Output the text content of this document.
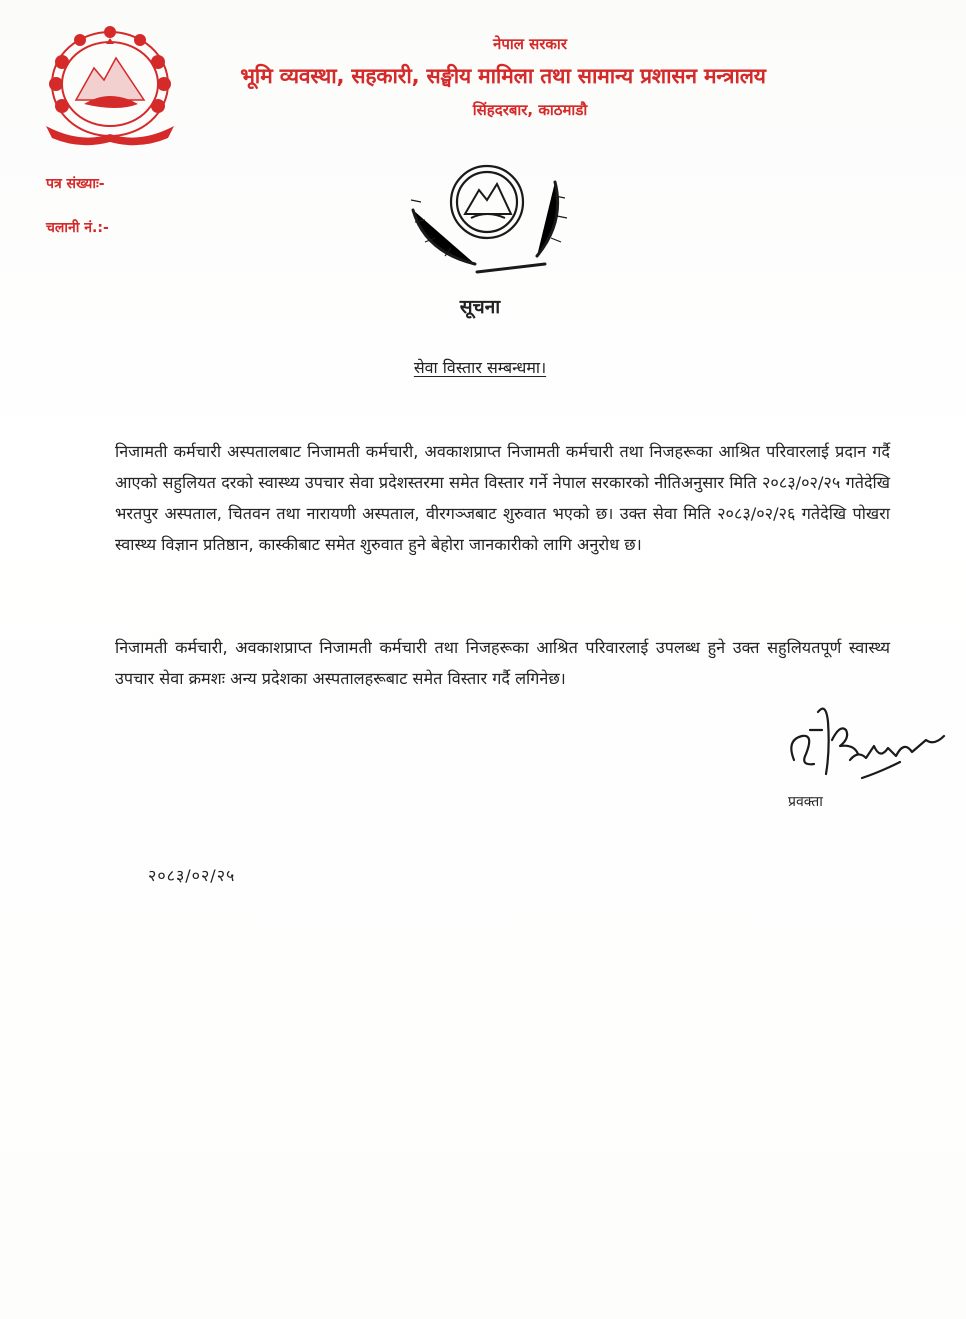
नेपाल सरकार
भूमि व्यवस्था, सहकारी, सङ्घीय मामिला तथा सामान्य प्रशासन मन्त्रालय
सिंहदरबार, काठमाडौ
पत्र संख्याः-
चलानी नं.:-
सूचना
सेवा विस्तार सम्बन्धमा।
निजामती कर्मचारी अस्पतालबाट निजामती कर्मचारी, अवकाशप्राप्त निजामती कर्मचारी तथा निजहरूका आश्रित परिवारलाई प्रदान गर्दै आएको सहुलियत दरको स्वास्थ्य उपचार सेवा प्रदेशस्तरमा समेत विस्तार गर्ने नेपाल सरकारको नीतिअनुसार मिति २०८३/०२/२५ गतेदेखि भरतपुर अस्पताल, चितवन तथा नारायणी अस्पताल, वीरगञ्जबाट शुरुवात भएको छ। उक्त सेवा मिति २०८३/०२/२६ गतेदेखि पोखरा स्वास्थ्य विज्ञान प्रतिष्ठान, कास्कीबाट समेत शुरुवात हुने बेहोरा जानकारीको लागि अनुरोध छ।
निजामती कर्मचारी, अवकाशप्राप्त निजामती कर्मचारी तथा निजहरूका आश्रित परिवारलाई उपलब्ध हुने उक्त सहुलियतपूर्ण स्वास्थ्य उपचार सेवा क्रमशः अन्य प्रदेशका अस्पतालहरूबाट समेत विस्तार गर्दै लगिनेछ।
प्रवक्ता
२०८३/०२/२५
